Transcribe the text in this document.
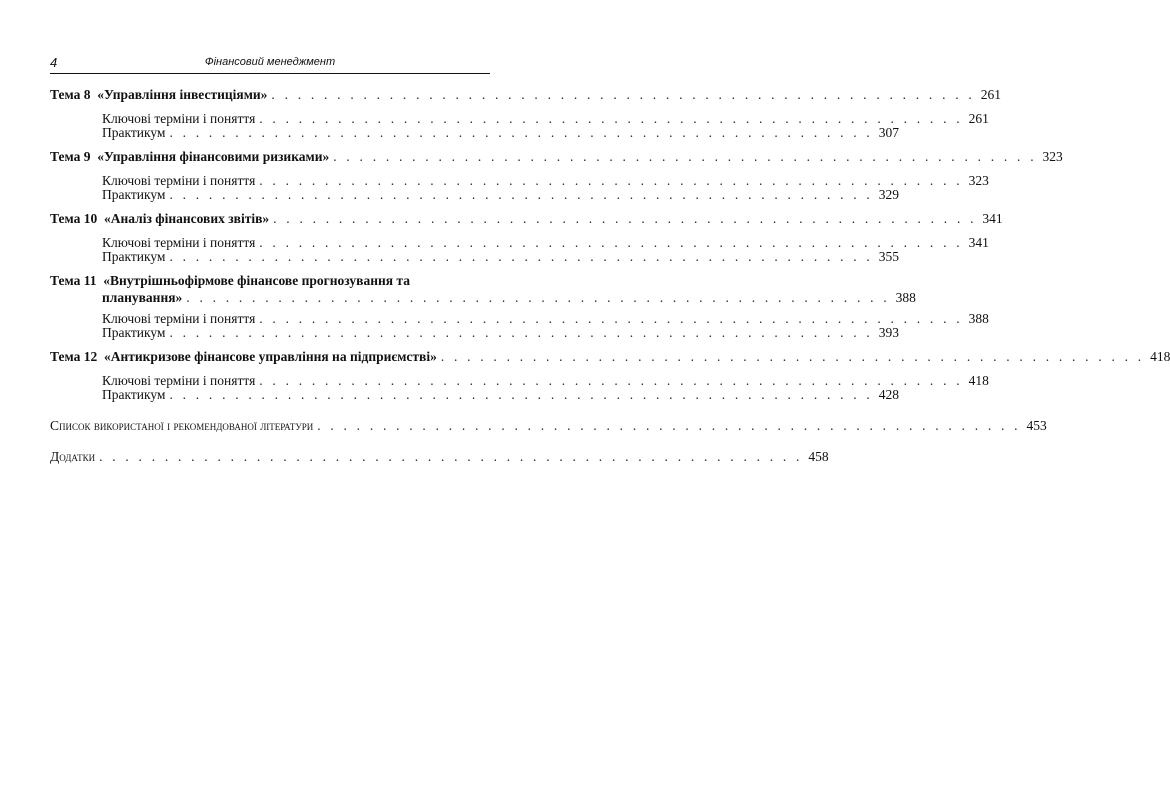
4	Фінансовий менеджмент
Тема 8
«Управління інвестиціями» . . . . . . . . . . . . . . . . . . . . . . . . . . . . . . . . . . . . . . . . . . . . . . . . . . . . . . 261
Ключові терміни і поняття . . . . . . . . . . . . . . . . . . . . . . . . . . . . . . . . . . . . . . . . . . . . . . . . . . . . . . 261
Практикум . . . . . . . . . . . . . . . . . . . . . . . . . . . . . . . . . . . . . . . . . . . . . . . . . . . . . . 307
Тема 9
«Управління фінансовими ризиками» . . . . . . . . . . . . . . . . . . . . . . . . . . . . . . . . . . . . . . . . . . . . . . . . . . . . . . 323
Ключові терміни і поняття . . . . . . . . . . . . . . . . . . . . . . . . . . . . . . . . . . . . . . . . . . . . . . . . . . . . . . 323
Практикум . . . . . . . . . . . . . . . . . . . . . . . . . . . . . . . . . . . . . . . . . . . . . . . . . . . . . . 329
Тема 10
«Аналіз фінансових звітів» . . . . . . . . . . . . . . . . . . . . . . . . . . . . . . . . . . . . . . . . . . . . . . . . . . . . . . 341
Ключові терміни і поняття . . . . . . . . . . . . . . . . . . . . . . . . . . . . . . . . . . . . . . . . . . . . . . . . . . . . . . 341
Практикум . . . . . . . . . . . . . . . . . . . . . . . . . . . . . . . . . . . . . . . . . . . . . . . . . . . . . . 355
Тема 11 «Внутрішньофірмове фінансове прогнозування та
планування» . . . . . . . . . . . . . . . . . . . . . . . . . . . . . . . . . . . . . . . . . . . . . . . . . . . . . . 388
Ключові терміни і поняття . . . . . . . . . . . . . . . . . . . . . . . . . . . . . . . . . . . . . . . . . . . . . . . . . . . . . . 388
Практикум . . . . . . . . . . . . . . . . . . . . . . . . . . . . . . . . . . . . . . . . . . . . . . . . . . . . . . 393
Тема 12
«Антикризове фінансове управління на підприємстві» . . . . . . . . . . . . . . . . . . . . . . . . . . . . . . . . . . . . . . . . . . . . . . . . . . . . . . 418
Ключові терміни і поняття . . . . . . . . . . . . . . . . . . . . . . . . . . . . . . . . . . . . . . . . . . . . . . . . . . . . . . 418
Практикум . . . . . . . . . . . . . . . . . . . . . . . . . . . . . . . . . . . . . . . . . . . . . . . . . . . . . . 428
Список використаної і рекомендованої літератури . . . . . . . . . . . . . . . . . . . . . . . . . . . . . . . . . . . . . . . . . . . . . . . . . . . . . . 453
Додатки . . . . . . . . . . . . . . . . . . . . . . . . . . . . . . . . . . . . . . . . . . . . . . . . . . . . . . 458
